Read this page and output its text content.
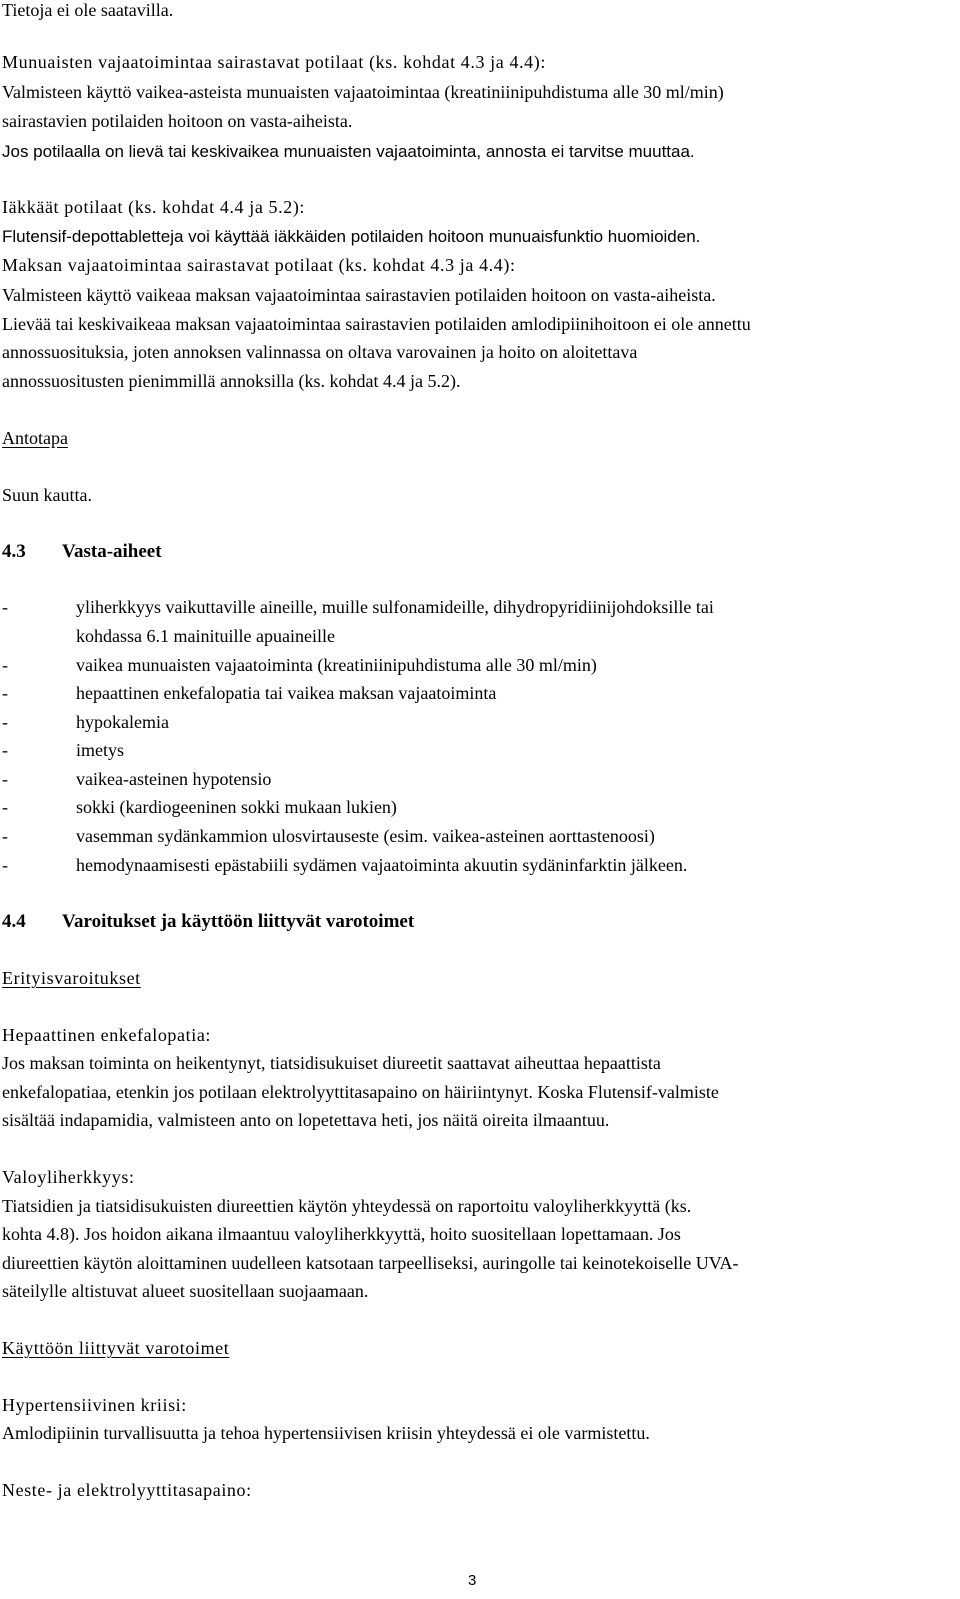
Tietoja ei ole saatavilla.
Munuaisten vajaatoimintaa sairastavat potilaat (ks. kohdat 4.3 ja 4.4):
Valmisteen käyttö vaikea-asteista munuaisten vajaatoimintaa (kreatiniinipuhdistuma alle 30 ml/min)
sairastavien potilaiden hoitoon on vasta-aiheista.
Jos potilaalla on lievä tai keskivaikea munuaisten vajaatoiminta, annosta ei tarvitse muuttaa.
Iäkkäät potilaat (ks. kohdat 4.4 ja 5.2):
Flutensif-depottabletteja voi käyttää iäkkäiden potilaiden hoitoon munuaisfunktio huomioiden.
Maksan vajaatoimintaa sairastavat potilaat (ks. kohdat 4.3 ja 4.4):
Valmisteen käyttö vaikeaa maksan vajaatoimintaa sairastavien potilaiden hoitoon on vasta-aiheista.
Lievää tai keskivaikeaa maksan vajaatoimintaa sairastavien potilaiden amlodipiinihoitoon ei ole annettu
annossuosituksia, joten annoksen valinnassa on oltava varovainen ja hoito on aloitettava
annossuositusten pienimmillä annoksilla (ks. kohdat 4.4 ja 5.2).
Antotapa
Suun kautta.
4.3 Vasta-aiheet
-	yliherkkyys vaikuttaville aineille, muille sulfonamideille, dihydropyridiinijohdoksille tai
kohdassa 6.1 mainituille apuaineille
-	vaikea munuaisten vajaatoiminta (kreatiniinipuhdistuma alle 30 ml/min)
-	hepaattinen enkefalopatia tai vaikea maksan vajaatoiminta
-	hypokalemia
-	imetys
-	vaikea-asteinen hypotensio
-	sokki (kardiogeeninen sokki mukaan lukien)
-	vasemman sydänkammion ulosvirtauseste (esim. vaikea-asteinen aorttastenoosi)
-	hemodynaamisesti epästabiili sydämen vajaatoiminta akuutin sydäninfarktin jälkeen.
4.4 Varoitukset ja käyttöön liittyvät varotoimet
Erityisvaroitukset
Hepaattinen enkefalopatia:
Jos maksan toiminta on heikentynyt, tiatsidisukuiset diureetit saattavat aiheuttaa hepaattista
enkefalopatiaa, etenkin jos potilaan elektrolyyttitasapaino on häiriintynyt. Koska Flutensif-valmiste
sisältää indapamidia, valmisteen anto on lopetettava heti, jos näitä oireita ilmaantuu.
Valoyliherkkyys:
Tiatsidien ja tiatsidisukuisten diureettien käytön yhteydessä on raportoitu valoyliherkkyyttä (ks.
kohta 4.8). Jos hoidon aikana ilmaantuu valoyliherkkyyttä, hoito suositellaan lopettamaan. Jos
diureettien käytön aloittaminen uudelleen katsotaan tarpeelliseksi, auringolle tai keinotekoiselle UVA-
säteilylle altistuvat alueet suositellaan suojaamaan.
Käyttöön liittyvät varotoimet
Hypertensiivinen kriisi:
Amlodipiinin turvallisuutta ja tehoa hypertensiivisen kriisin yhteydessä ei ole varmistettu.
Neste- ja elektrolyyttitasapaino:
3
